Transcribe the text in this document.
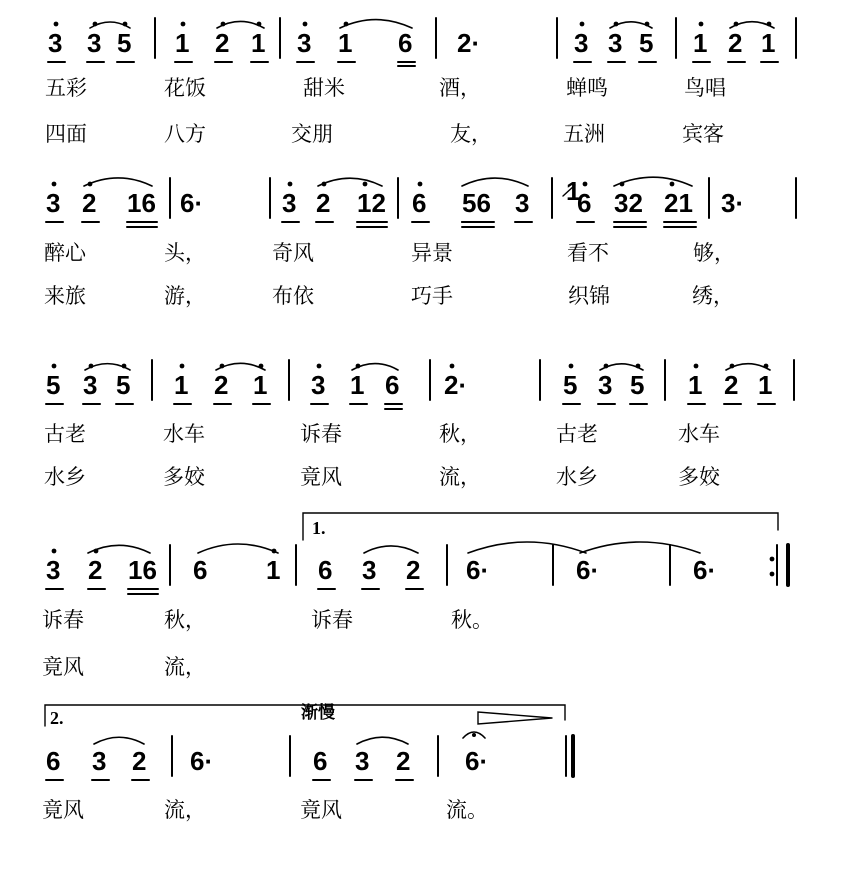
3 3 5 1 2 1 3 1 6 2·	3 3 5 1 2 1
五彩	花饭	甜米	酒，	蝉鸣	鸟唱
四面	八方	交朋	友，	五洲	宾客
3 2 16 6·	3 2 12 6 56 3 6 32 21 3·
1
醉心	头，	奇风	异景	看不	够，
来旅	游，	布依	巧手	织锦	绣，
5 3 5 1 2 1 3 1 6 2·	5 3 5 1 2 1
古老	水车	诉春	秋，	古老	水车
水乡	多姣	竟风	流，	水乡	多姣
3 2 16 6 1 6 3 2 6·	6·	6·
1.
诉春	秋，	诉春	秋。
竟风	流，
6 3 2 6·	6 3 2 6·
2.	渐慢
竟风	流，	竟风	流。
